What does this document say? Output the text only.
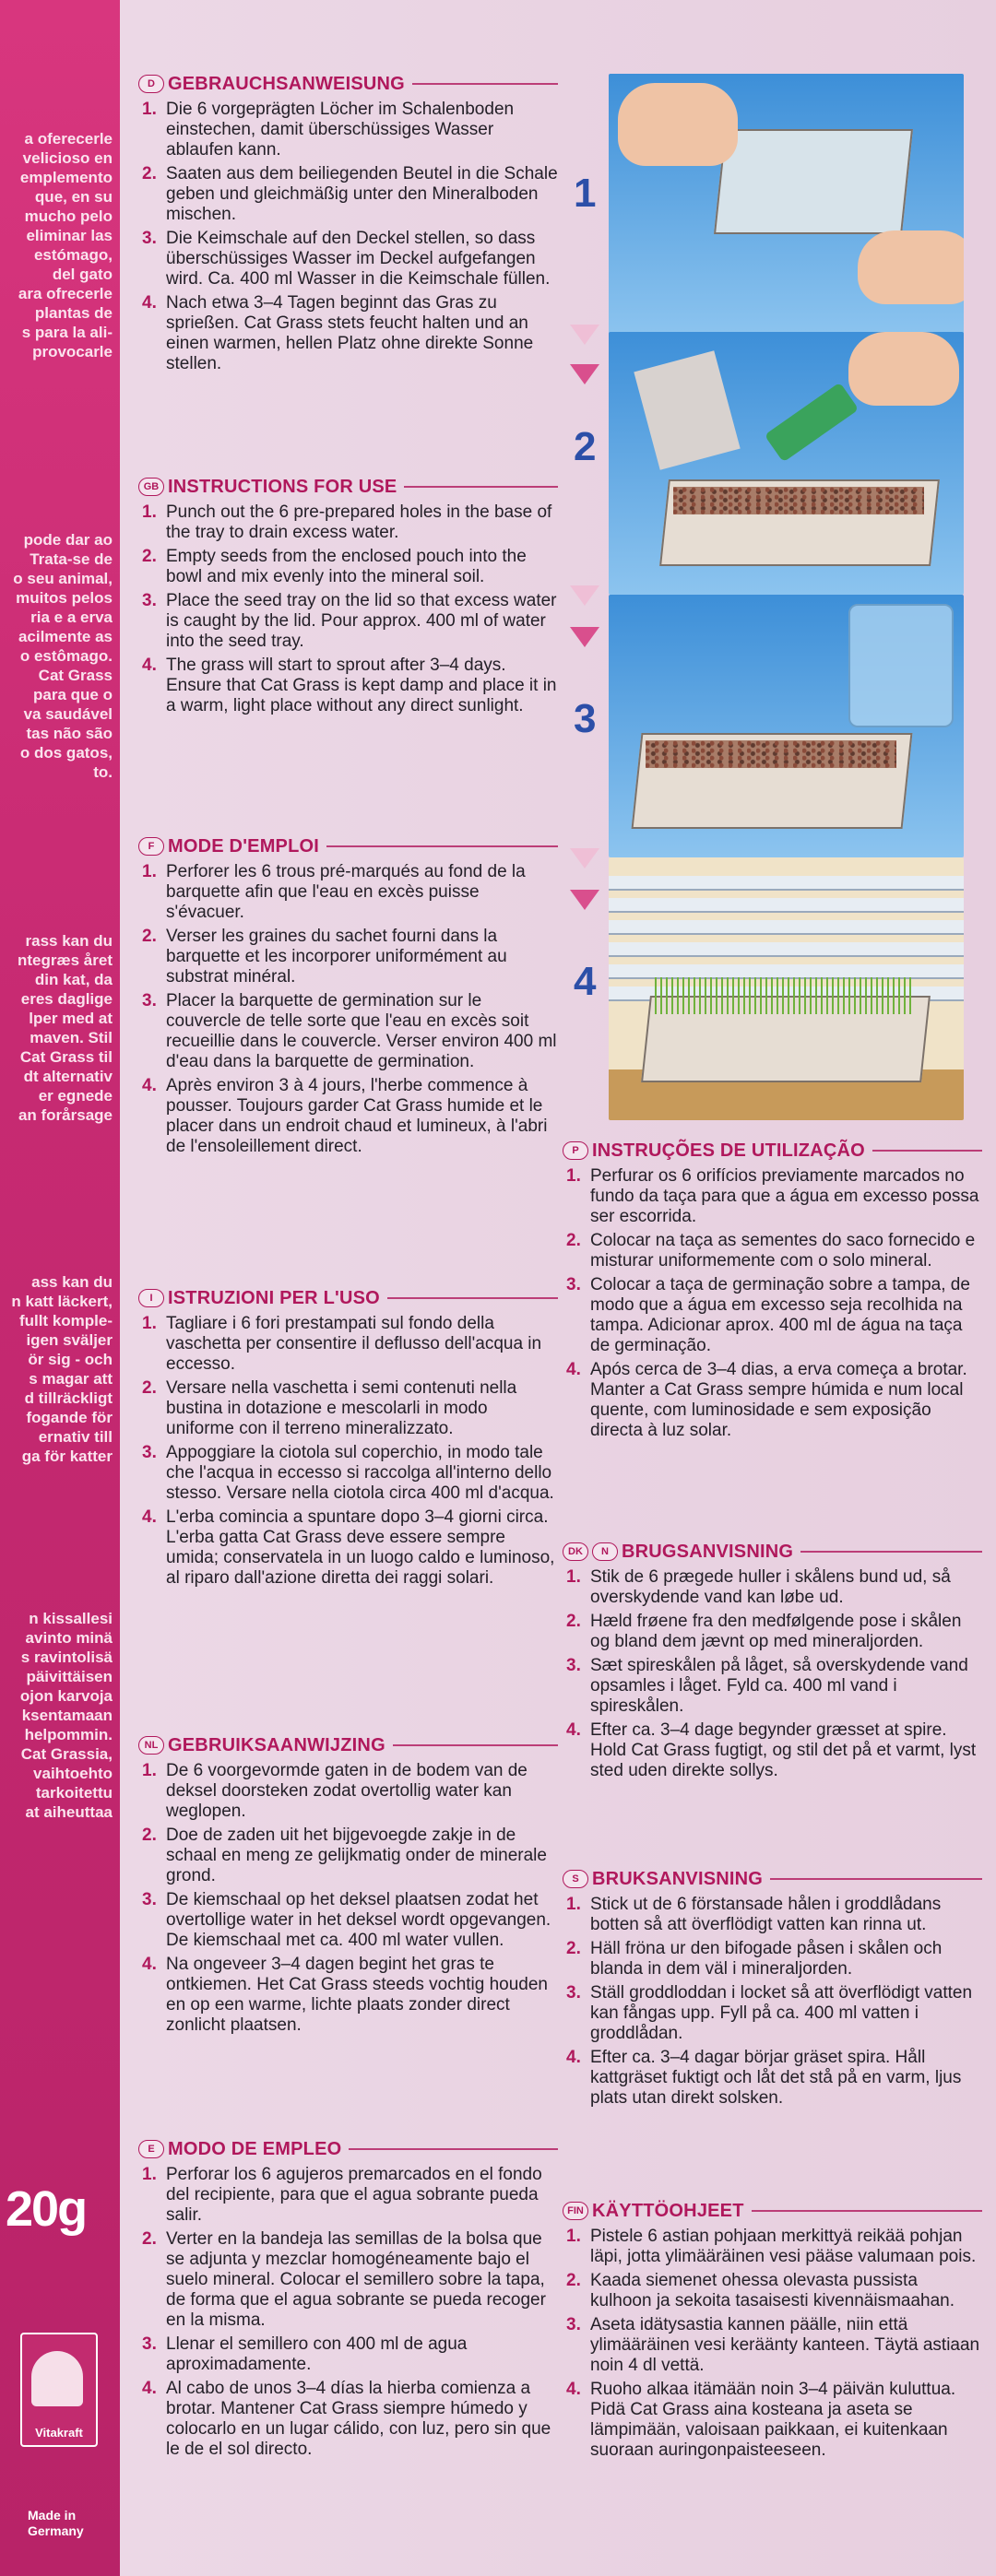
a oferecerle
velicioso en
emplemento
que, en su
mucho pelo
eliminar las
estómago,
del gato
ara ofrecerle
plantas de
s para la ali-
provocarle
pode dar ao
Trata-se de
o seu animal,
muitos pelos
ria e a erva
acilmente as
o estômago.
Cat Grass
para que o
va saudável
tas não são
o dos gatos,
to.
rass kan du
ntegræs året
din kat, da
eres daglige
lper med at
maven. Stil
Cat Grass til
dt alternativ
er egnede
an forårsage
ass kan du
n katt läckert,
fullt komple-
igen sväljer
ör sig - och
s magar att
d tillräckligt
fogande för
ernativ till
ga för katter
n kissallesi
avinto minä
s ravintolisä
päivittäisen
ojon karvoja
ksentamaan
helpommin.
Cat Grassia,
vaihtoehto
tarkoitettu
at aiheuttaa
20g
Vitakraft
Made in
Germany
1
2
3
4
D GEBRAUCHSANWEISUNG
1. Die 6 vorgeprägten Löcher im Schalenboden einstechen, damit überschüssiges Wasser ablaufen kann.
2. Saaten aus dem beiliegenden Beutel in die Schale geben und gleichmäßig unter den Mineralboden mischen.
3. Die Keimschale auf den Deckel stellen, so dass überschüssiges Wasser im Deckel aufgefangen wird. Ca. 400 ml Wasser in die Keimschale füllen.
4. Nach etwa 3–4 Tagen beginnt das Gras zu sprießen. Cat Grass stets feucht halten und an einen warmen, hellen Platz ohne direkte Sonne stellen.
GB INSTRUCTIONS FOR USE
1. Punch out the 6 pre-prepared holes in the base of the tray to drain excess water.
2. Empty seeds from the enclosed pouch into the bowl and mix evenly into the mineral soil.
3. Place the seed tray on the lid so that excess water is caught by the lid. Pour approx. 400 ml of water into the seed tray.
4. The grass will start to sprout after 3–4 days. Ensure that Cat Grass is kept damp and place it in a warm, light place without any direct sunlight.
F MODE D'EMPLOI
1. Perforer les 6 trous pré-marqués au fond de la barquette afin que l'eau en excès puisse s'évacuer.
2. Verser les graines du sachet fourni dans la barquette et les incorporer uniformément au substrat minéral.
3. Placer la barquette de germination sur le couvercle de telle sorte que l'eau en excès soit recueillie dans le couvercle. Verser environ 400 ml d'eau dans la barquette de germination.
4. Après environ 3 à 4 jours, l'herbe commence à pousser. Toujours garder Cat Grass humide et le placer dans un endroit chaud et lumineux, à l'abri de l'ensoleillement direct.
I ISTRUZIONI PER L'USO
1. Tagliare i 6 fori prestampati sul fondo della vaschetta per consentire il deflusso dell'acqua in eccesso.
2. Versare nella vaschetta i semi contenuti nella bustina in dotazione e mescolarli in modo uniforme con il terreno mineralizzato.
3. Appoggiare la ciotola sul coperchio, in modo tale che l'acqua in eccesso si raccolga all'interno dello stesso. Versare nella ciotola circa 400 ml d'acqua.
4. L'erba comincia a spuntare dopo 3–4 giorni circa. L'erba gatta Cat Grass deve essere sempre umida; conservatela in un luogo caldo e luminoso, al riparo dall'azione diretta dei raggi solari.
NL GEBRUIKSAANWIJZING
1. De 6 voorgevormde gaten in de bodem van de deksel doorsteken zodat overtollig water kan weglopen.
2. Doe de zaden uit het bijgevoegde zakje in de schaal en meng ze gelijkmatig onder de minerale grond.
3. De kiemschaal op het deksel plaatsen zodat het overtollige water in het deksel wordt opgevangen. De kiemschaal met ca. 400 ml water vullen.
4. Na ongeveer 3–4 dagen begint het gras te ontkiemen. Het Cat Grass steeds vochtig houden en op een warme, lichte plaats zonder direct zonlicht plaatsen.
E MODO DE EMPLEO
1. Perforar los 6 agujeros premarcados en el fondo del recipiente, para que el agua sobrante pueda salir.
2. Verter en la bandeja las semillas de la bolsa que se adjunta y mezclar homogéneamente bajo el suelo mineral. Colocar el semillero sobre la tapa, de forma que el agua sobrante se pueda recoger en la misma.
3. Llenar el semillero con 400 ml de agua aproximadamente.
4. Al cabo de unos 3–4 días la hierba comienza a brotar. Mantener Cat Grass siempre húmedo y colocarlo en un lugar cálido, con luz, pero sin que le de el sol directo.
P INSTRUÇÕES DE UTILIZAÇÃO
1. Perfurar os 6 orifícios previamente marcados no fundo da taça para que a água em excesso possa ser escorrida.
2. Colocar na taça as sementes do saco fornecido e misturar uniformemente com o solo mineral.
3. Colocar a taça de germinação sobre a tampa, de modo que a água em excesso seja recolhida na tampa. Adicionar aprox. 400 ml de água na taça de germinação.
4. Após cerca de 3–4 dias, a erva começa a brotar. Manter a Cat Grass sempre húmida e num local quente, com luminosidade e sem exposição directa à luz solar.
DK	N BRUGSANVISNING
1. Stik de 6 prægede huller i skålens bund ud, så overskydende vand kan løbe ud.
2. Hæld frøene fra den medfølgende pose i skålen og bland dem jævnt op med mineraljorden.
3. Sæt spireskålen på låget, så overskydende vand opsamles i låget. Fyld ca. 400 ml vand i spireskålen.
4. Efter ca. 3–4 dage begynder græsset at spire. Hold Cat Grass fugtigt, og stil det på et varmt, lyst sted uden direkte sollys.
S BRUKSANVISNING
1. Stick ut de 6 förstansade hålen i groddlådans botten så att överflödigt vatten kan rinna ut.
2. Häll fröna ur den bifogade påsen i skålen och blanda in dem väl i mineraljorden.
3. Ställ groddloddan i locket så att överflödigt vatten kan fångas upp. Fyll på ca. 400 ml vatten i groddlådan.
4. Efter ca. 3–4 dagar börjar gräset spira. Håll kattgräset fuktigt och låt det stå på en varm, ljus plats utan direkt solsken.
FIN KÄYTTÖOHJEET
1. Pistele 6 astian pohjaan merkittyä reikää pohjan läpi, jotta ylimääräinen vesi pääse valumaan pois.
2. Kaada siemenet ohessa olevasta pussista kulhoon ja sekoita tasaisesti kivennäismaahan.
3. Aseta idätysastia kannen päälle, niin että ylimääräinen vesi keräänty kanteen. Täytä astiaan noin 4 dl vettä.
4. Ruoho alkaa itämään noin 3–4 päivän kuluttua. Pidä Cat Grass aina kosteana ja aseta se lämpimään, valoisaan paikkaan, ei kuitenkaan suoraan auringonpaisteeseen.
